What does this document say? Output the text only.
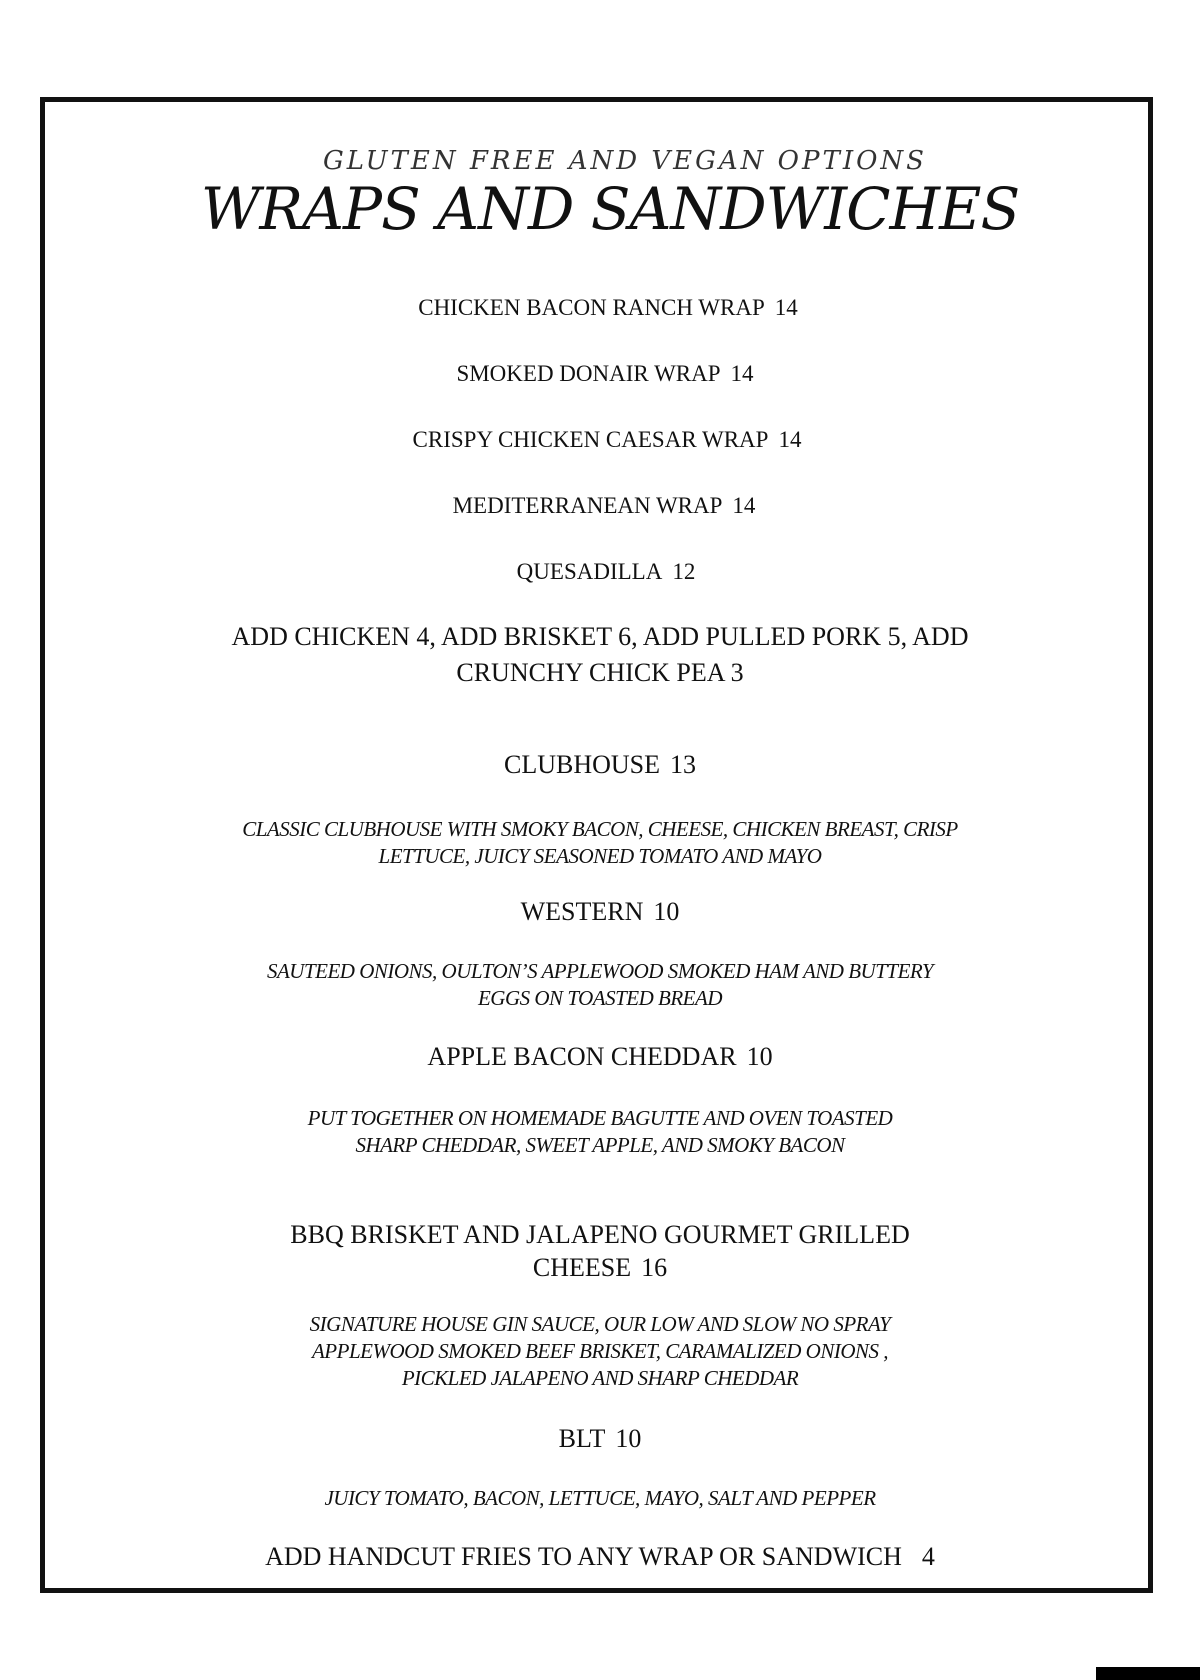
GLUTEN FREE AND VEGAN OPTIONS
WRAPS AND SANDWICHES
CHICKEN BACON RANCH WRAP 14
SMOKED DONAIR WRAP 14
CRISPY CHICKEN CAESAR WRAP 14
MEDITERRANEAN WRAP 14
QUESADILLA 12
ADD CHICKEN 4, ADD BRISKET 6, ADD PULLED PORK 5, ADD CRUNCHY CHICK PEA 3
CLUBHOUSE 13
CLASSIC CLUBHOUSE WITH SMOKY BACON, CHEESE, CHICKEN BREAST, CRISP LETTUCE, JUICY SEASONED TOMATO AND MAYO
WESTERN 10
SAUTEED ONIONS, OULTON’S APPLEWOOD SMOKED HAM AND BUTTERY EGGS ON TOASTED BREAD
APPLE BACON CHEDDAR 10
PUT TOGETHER ON HOMEMADE BAGUTTE AND OVEN TOASTED SHARP CHEDDAR, SWEET APPLE, AND SMOKY BACON
BBQ BRISKET AND JALAPENO GOURMET GRILLED CHEESE 16
SIGNATURE HOUSE GIN SAUCE, OUR LOW AND SLOW NO SPRAY APPLEWOOD SMOKED BEEF BRISKET, CARAMALIZED ONIONS , PICKLED JALAPENO AND SHARP CHEDDAR
BLT 10
JUICY TOMATO, BACON, LETTUCE, MAYO, SALT AND PEPPER
ADD HANDCUT FRIES TO ANY WRAP OR SANDWICH 4
